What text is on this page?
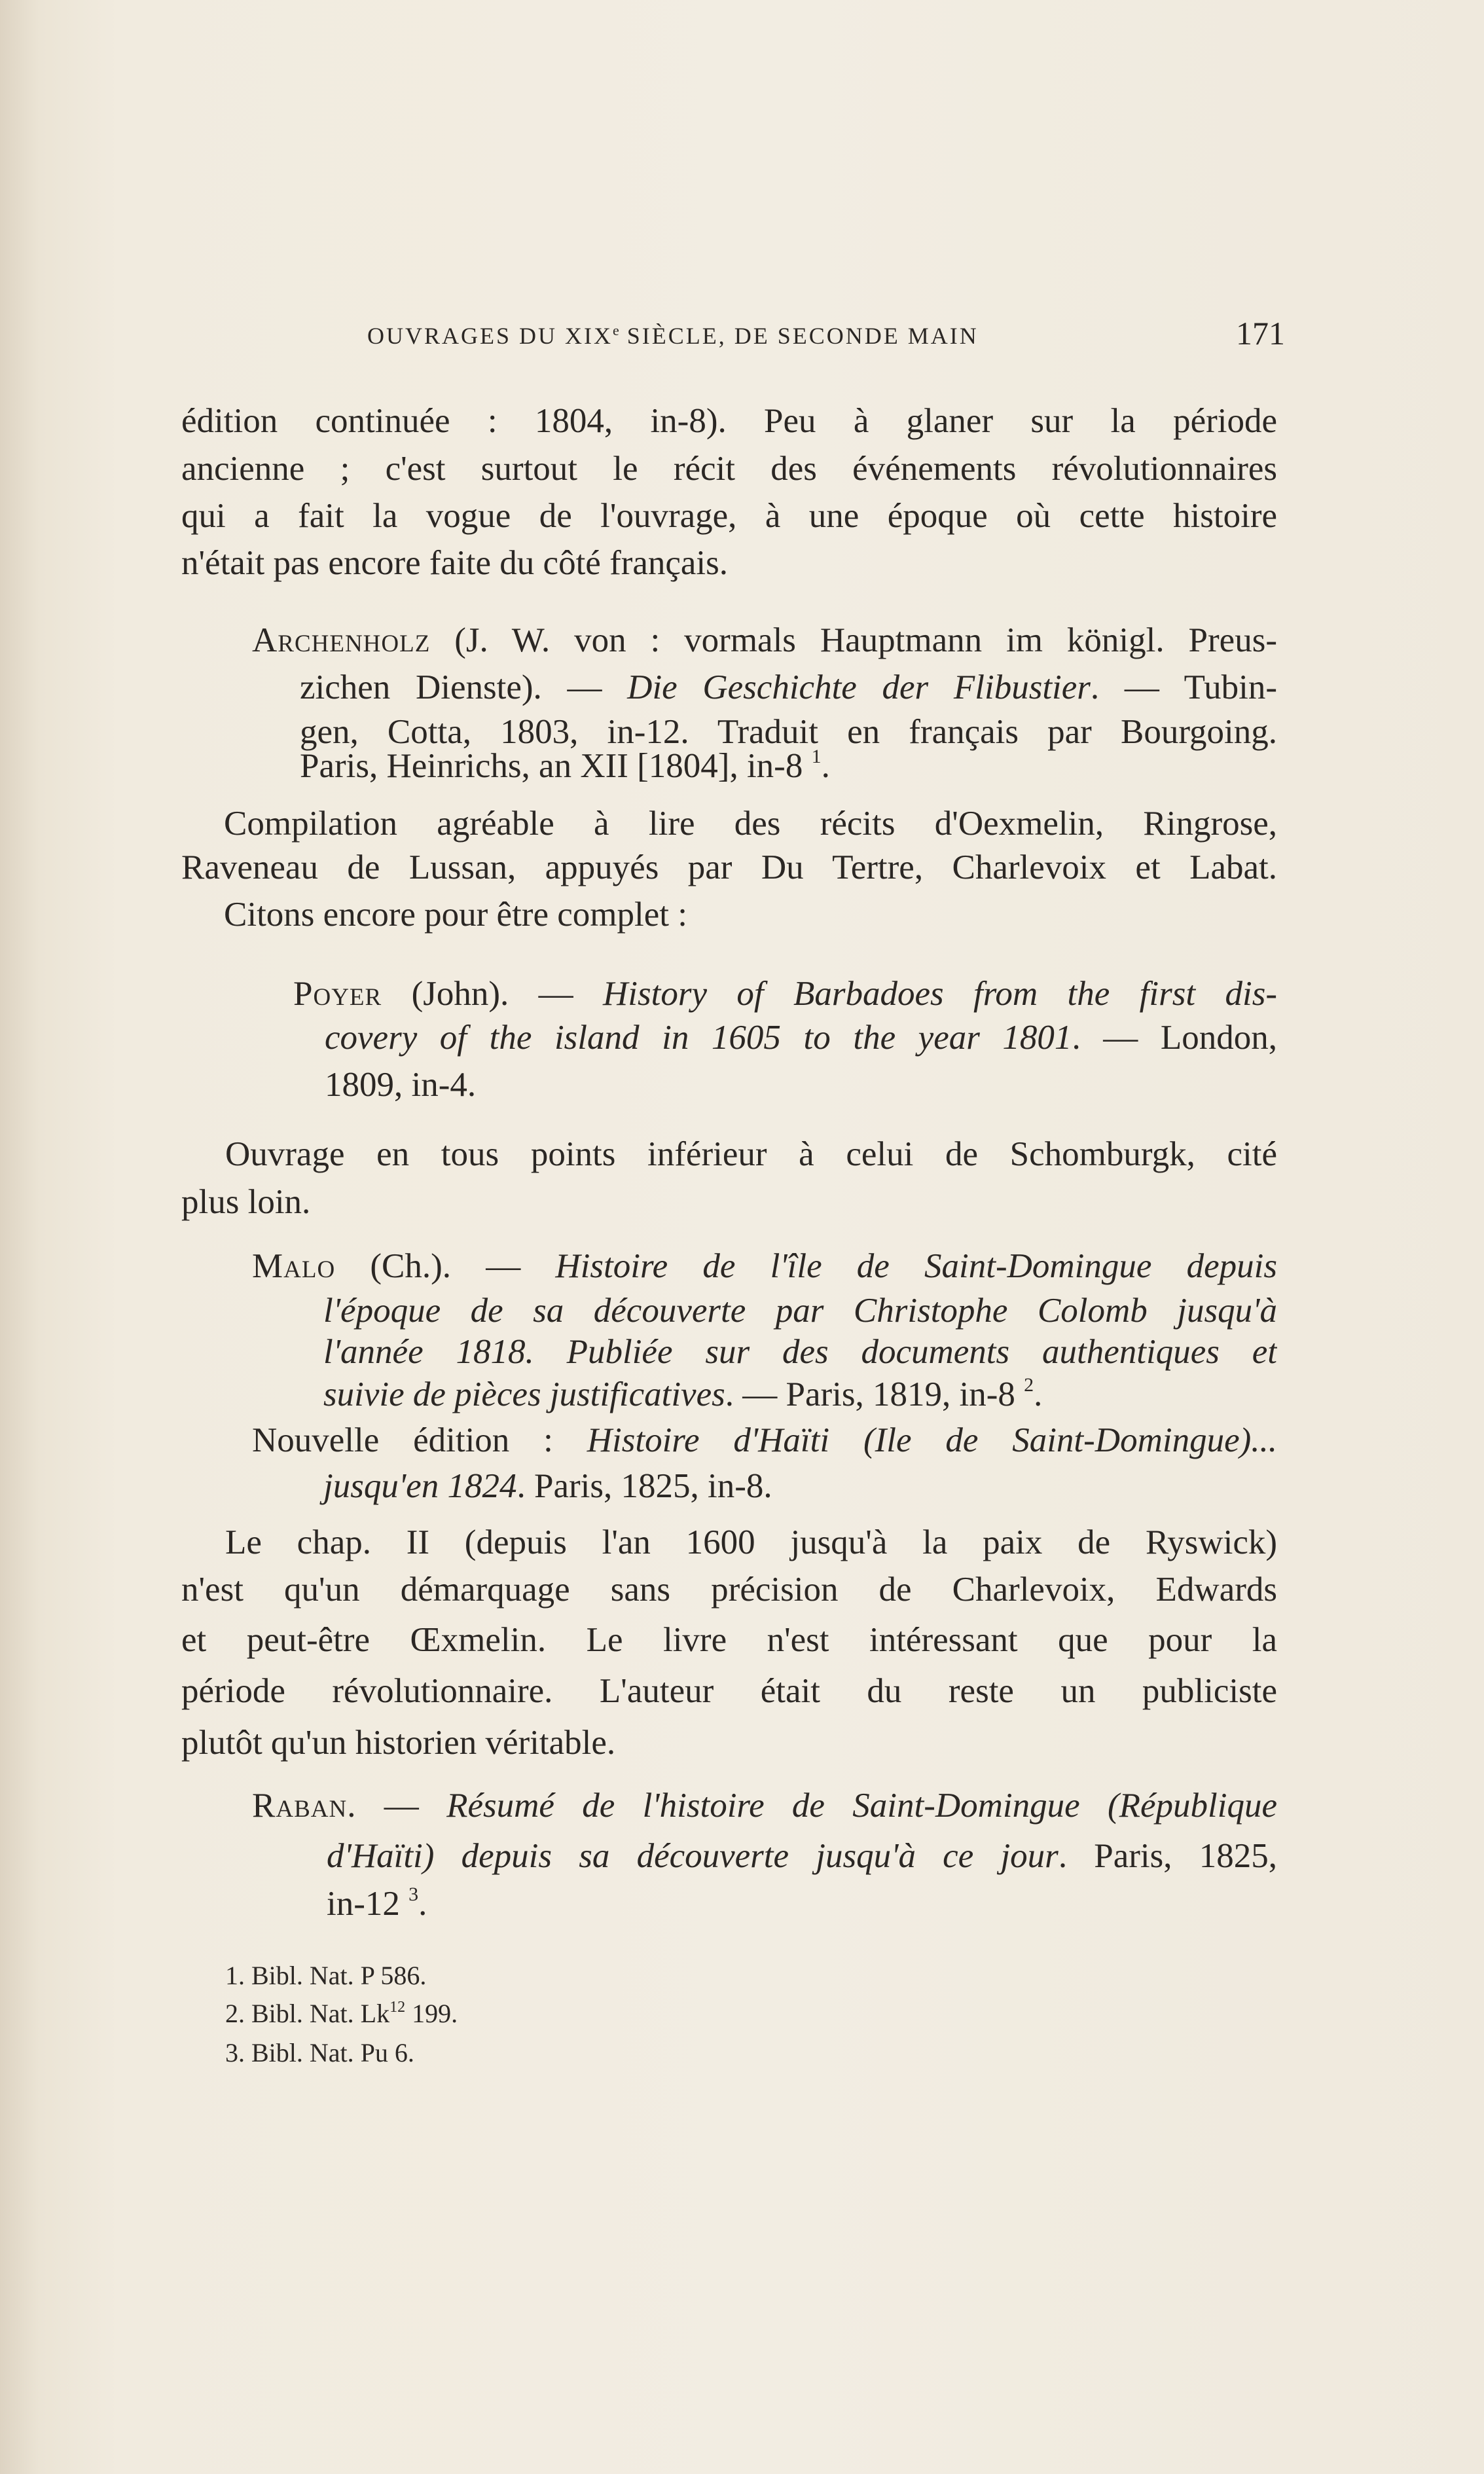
OUVRAGES DU XIXe SIÈCLE, DE SECONDE MAIN	171
édition continuée : 1804, in-8). Peu à glaner sur la période
ancienne ; c'est surtout le récit des événements révolutionnaires
qui a fait la vogue de l'ouvrage, à une époque où cette histoire
n'était pas encore faite du côté français.
Archenholz (J. W. von : vormals Hauptmann im königl. Preus-
zichen Dienste). — Die Geschichte der Flibustier. — Tubin-
gen, Cotta, 1803, in-12. Traduit en français par Bourgoing.
Paris, Heinrichs, an XII [1804], in-8 $^1$.
Compilation agréable à lire des récits d'Oexmelin, Ringrose,
Raveneau de Lussan, appuyés par Du Tertre, Charlevoix et Labat.
Citons encore pour être complet :
Poyer (John). — History of Barbadoes from the first dis-
covery of the island in 1605 to the year 1801. — London,
1809, in-4.
Ouvrage en tous points inférieur à celui de Schomburgk, cité
plus loin.
Malo (Ch.). — Histoire de l'île de Saint-Domingue depuis
l'époque de sa découverte par Christophe Colomb jusqu'à
l'année 1818. Publiée sur des documents authentiques et
suivie de pièces justificatives. — Paris, 1819, in-8 $^2$.
Nouvelle édition : Histoire d'Haïti (Ile de Saint-Domingue)...
jusqu'en 1824. Paris, 1825, in-8.
Le chap. II (depuis l'an 1600 jusqu'à la paix de Ryswick)
n'est qu'un démarquage sans précision de Charlevoix, Edwards
et peut-être Œxmelin. Le livre n'est intéressant que pour la
période révolutionnaire. L'auteur était du reste un publiciste
plutôt qu'un historien véritable.
Raban. — Résumé de l'histoire de Saint-Domingue (République
d'Haïti) depuis sa découverte jusqu'à ce jour. Paris, 1825,
in-12 $^3$.
1. Bibl. Nat. P 586.
2. Bibl. Nat. Lk$^{12}$ 199.
3. Bibl. Nat. Pu 6.
